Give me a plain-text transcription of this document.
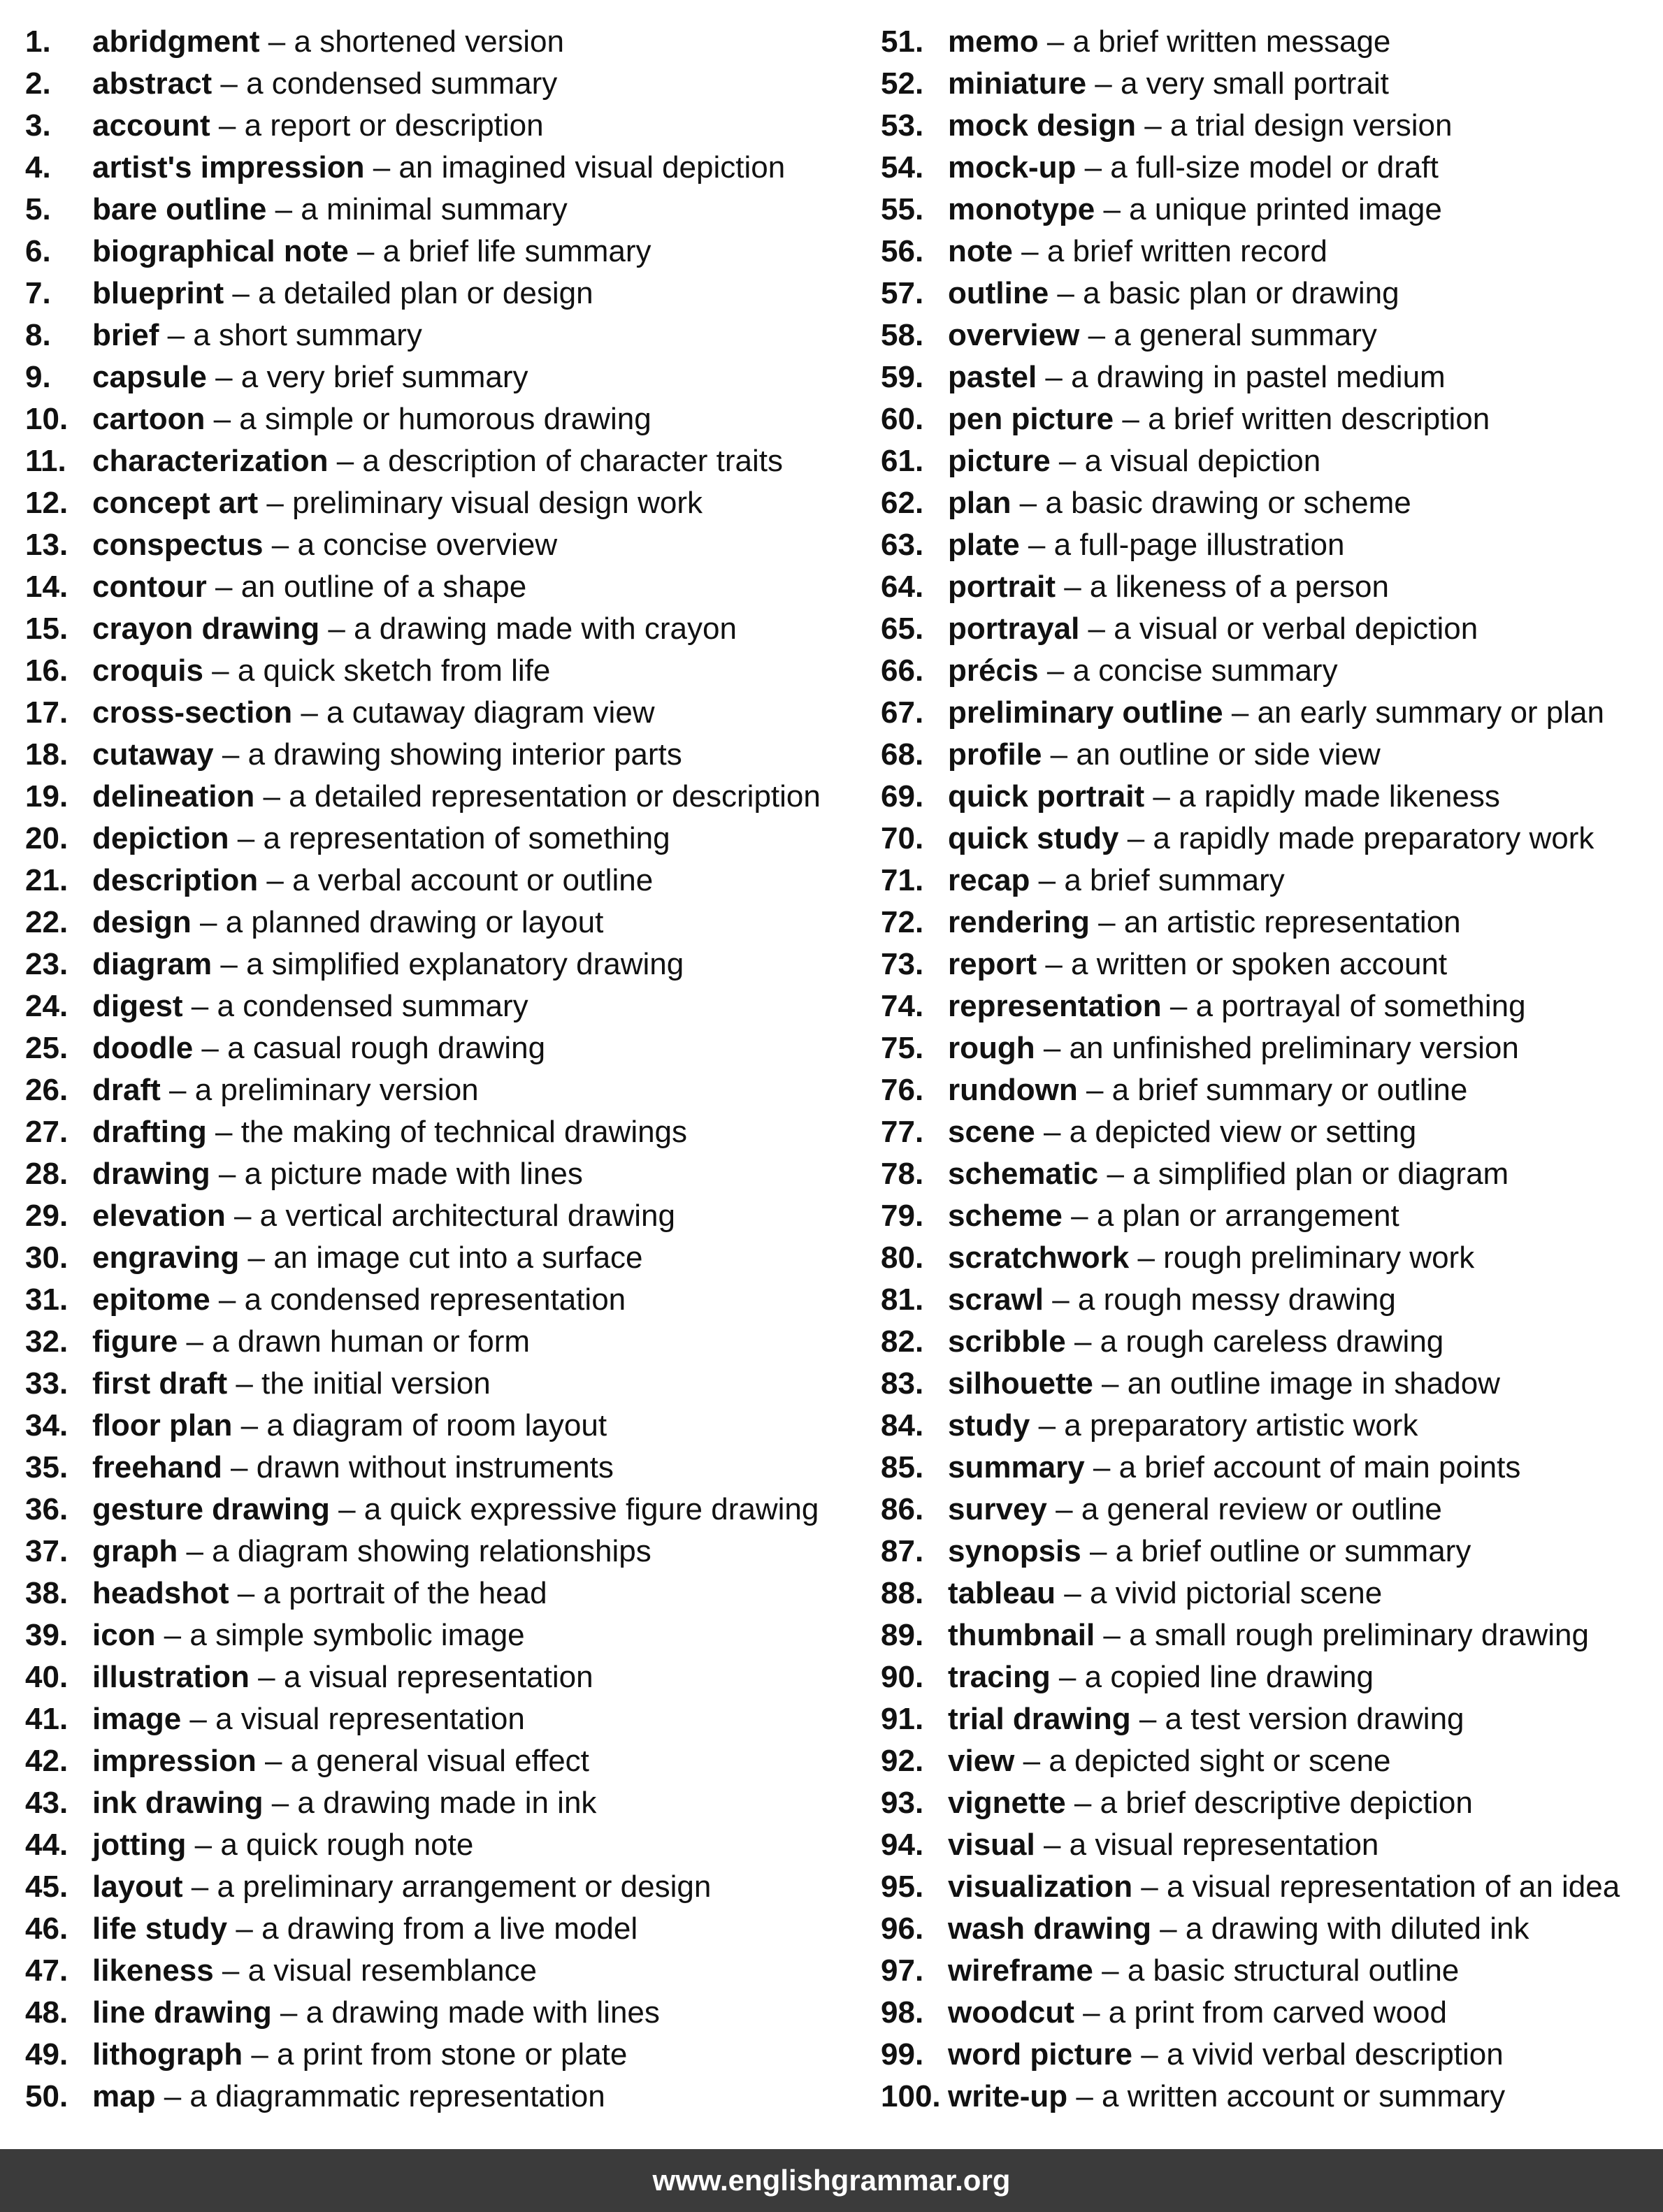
1. abridgment – a shortened version
2. abstract – a condensed summary
3. account – a report or description
4. artist's impression – an imagined visual depiction
5. bare outline – a minimal summary
6. biographical note – a brief life summary
7. blueprint – a detailed plan or design
8. brief – a short summary
9. capsule – a very brief summary
10. cartoon – a simple or humorous drawing
11. characterization – a description of character traits
12. concept art – preliminary visual design work
13. conspectus – a concise overview
14. contour – an outline of a shape
15. crayon drawing – a drawing made with crayon
16. croquis – a quick sketch from life
17. cross-section – a cutaway diagram view
18. cutaway – a drawing showing interior parts
19. delineation – a detailed representation or description
20. depiction – a representation of something
21. description – a verbal account or outline
22. design – a planned drawing or layout
23. diagram – a simplified explanatory drawing
24. digest – a condensed summary
25. doodle – a casual rough drawing
26. draft – a preliminary version
27. drafting – the making of technical drawings
28. drawing – a picture made with lines
29. elevation – a vertical architectural drawing
30. engraving – an image cut into a surface
31. epitome – a condensed representation
32. figure – a drawn human or form
33. first draft – the initial version
34. floor plan – a diagram of room layout
35. freehand – drawn without instruments
36. gesture drawing – a quick expressive figure drawing
37. graph – a diagram showing relationships
38. headshot – a portrait of the head
39. icon – a simple symbolic image
40. illustration – a visual representation
41. image – a visual representation
42. impression – a general visual effect
43. ink drawing – a drawing made in ink
44. jotting – a quick rough note
45. layout – a preliminary arrangement or design
46. life study – a drawing from a live model
47. likeness – a visual resemblance
48. line drawing – a drawing made with lines
49. lithograph – a print from stone or plate
50. map – a diagrammatic representation
51. memo – a brief written message
52. miniature – a very small portrait
53. mock design – a trial design version
54. mock-up – a full-size model or draft
55. monotype – a unique printed image
56. note – a brief written record
57. outline – a basic plan or drawing
58. overview – a general summary
59. pastel – a drawing in pastel medium
60. pen picture – a brief written description
61. picture – a visual depiction
62. plan – a basic drawing or scheme
63. plate – a full-page illustration
64. portrait – a likeness of a person
65. portrayal – a visual or verbal depiction
66. précis – a concise summary
67. preliminary outline – an early summary or plan
68. profile – an outline or side view
69. quick portrait – a rapidly made likeness
70. quick study – a rapidly made preparatory work
71. recap – a brief summary
72. rendering – an artistic representation
73. report – a written or spoken account
74. representation – a portrayal of something
75. rough – an unfinished preliminary version
76. rundown – a brief summary or outline
77. scene – a depicted view or setting
78. schematic – a simplified plan or diagram
79. scheme – a plan or arrangement
80. scratchwork – rough preliminary work
81. scrawl – a rough messy drawing
82. scribble – a rough careless drawing
83. silhouette – an outline image in shadow
84. study – a preparatory artistic work
85. summary – a brief account of main points
86. survey – a general review or outline
87. synopsis – a brief outline or summary
88. tableau – a vivid pictorial scene
89. thumbnail – a small rough preliminary drawing
90. tracing – a copied line drawing
91. trial drawing – a test version drawing
92. view – a depicted sight or scene
93. vignette – a brief descriptive depiction
94. visual – a visual representation
95. visualization – a visual representation of an idea
96. wash drawing – a drawing with diluted ink
97. wireframe – a basic structural outline
98. woodcut – a print from carved wood
99. word picture – a vivid verbal description
100. write-up – a written account or summary
www.englishgrammar.org
